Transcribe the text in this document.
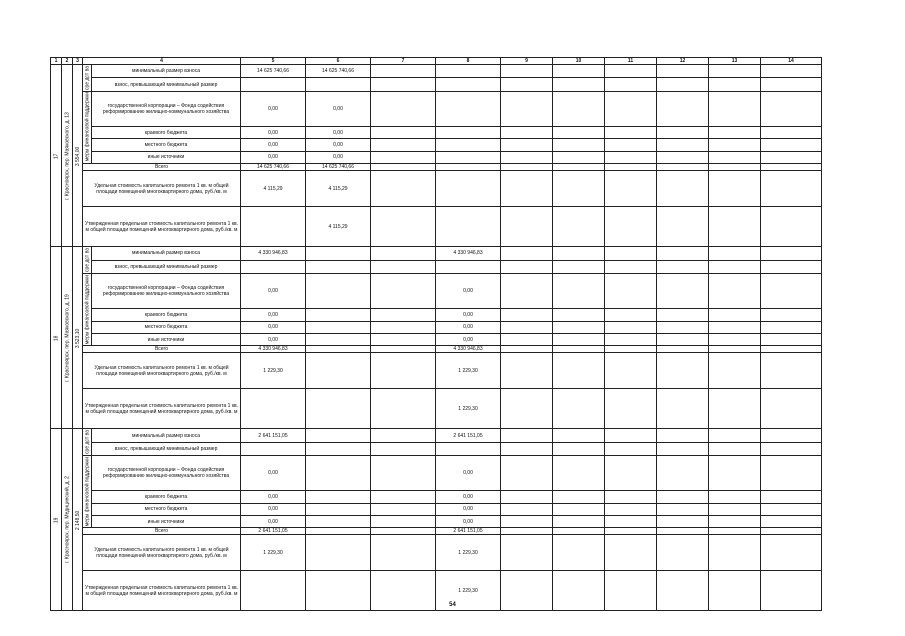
1	2	3	4		5	6	7	8	9	10	11	12	13	14
17	г. Красноярск, пер. Маяковского, д. 13	3 554,00	сре дст ва	минимальный размер взноса	14 625 740,66	14 625 740,66								
				взнос, превышающий минимальный размер										
			меры финансовой поддержки	государственной корпорации – Фонда содействия реформированию жилищно-коммунального хозяйства	0,00	0,00								
				краевого бюджета	0,00	0,00								
				местного бюджета	0,00	0,00								
				иные источники	0,00	0,00								
			Всего		14 625 740,66	14 625 740,66								
			Удельная стоимость капитального ремонта 1 кв. м общей площади помещений многоквартирного дома, руб./кв. м		4 115,29	4 115,29								
			Утвержденная предельная стоимость капитального ремонта 1 кв. м общей площади помещений многоквартирного дома, руб./кв. м			4 115,29								
18	г. Красноярск, пер. Маяковского, д. 19	3 523,10	сре дст ва	минимальный размер взноса	4 330 946,83			4 330 946,83						
				взнос, превышающий минимальный размер										
			меры финансовой поддержки	государственной корпорации – Фонда содействия реформированию жилищно-коммунального хозяйства	0,00			0,00						
				краевого бюджета	0,00			0,00						
				местного бюджета	0,00			0,00						
				иные источники	0,00			0,00						
			Всего		4 330 946,83			4 330 946,83						
			Удельная стоимость капитального ремонта 1 кв. м общей площади помещений многоквартирного дома, руб./кв. м		1 229,30			1 229,30						
			Утвержденная предельная стоимость капитального ремонта 1 кв. м общей площади помещений многоквартирного дома, руб./кв. м					1 229,30						
19	г. Красноярск, пер. Медицинский, д. 2	2 148,50	сре дст ва	минимальный размер взноса	2 641 151,05			2 641 151,05						
				взнос, превышающий минимальный размер										
			меры финансовой поддержки	государственной корпорации – Фонда содействия реформированию жилищно-коммунального хозяйства	0,00			0,00						
				краевого бюджета	0,00			0,00						
				местного бюджета	0,00			0,00						
				иные источники	0,00			0,00						
			Всего		2 641 151,05			2 641 151,05						
			Удельная стоимость капитального ремонта 1 кв. м общей площади помещений многоквартирного дома, руб./кв. м		1 229,30			1 229,30						
			Утвержденная предельная стоимость капитального ремонта 1 кв. м общей площади помещений многоквартирного дома, руб./кв. м					1 229,30						
54
